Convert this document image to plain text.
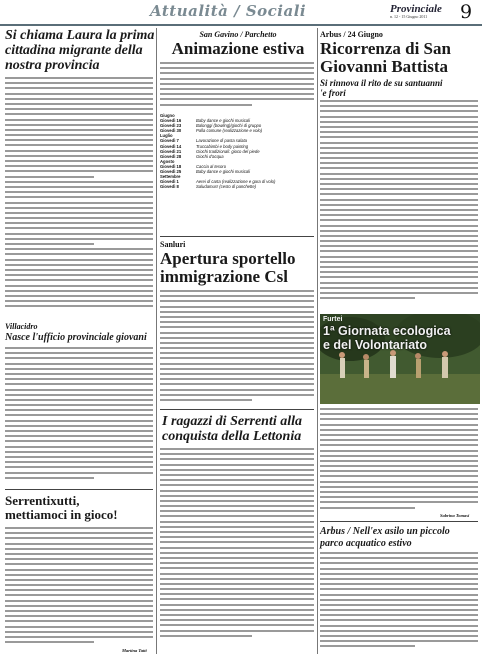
Attualità / Sociali	Provinciale
n. 12 - 15 Giugno 2011 9
Si chiama Laura la prima
cittadina migrante della
nostra provincia
Villacidro
Nasce l'ufficio provinciale giovani
Serrentixutti,
mettiamoci in gioco!
Martina Tatti
San Gavino / Parchetto
Animazione estiva
Giugno
Giovedì 16	Baby dance e giochi musicali
Giovedì 23	Balonggi (bowling)/giochi di gruppo
Giovedì 30	Palla comune (realizzazione e volo)
Luglio
Giovedì 7	Lavorazione di pasta salata
Giovedì 14	Truccabimbi e body painting
Giovedì 21	Giochi tradizionali: gioco del piede
Giovedì 28	Giochi d'acqua
Agosto
Giovedì 18	Caccia al tesoro
Giovedì 25	Baby dance e giochi musicali
Settembre
Giovedì 1	Aerei di carta (realizzazione e gara di volo)
Giovedì 8	Saludamus! (cesto di panchette)
Sanluri
Apertura sportello
immigrazione Csl
I ragazzi di Serrenti alla
conquista della Lettonia
Arbus / 24 Giugno
Ricorrenza di San
Giovanni Battista
Si rinnova il rito de su santuanni
'e frori
Furtei
1ª Giornata ecologica
e del Volontariato
Sabrina Tomasi
Arbus / Nell'ex asilo un piccolo
parco acquatico estivo
